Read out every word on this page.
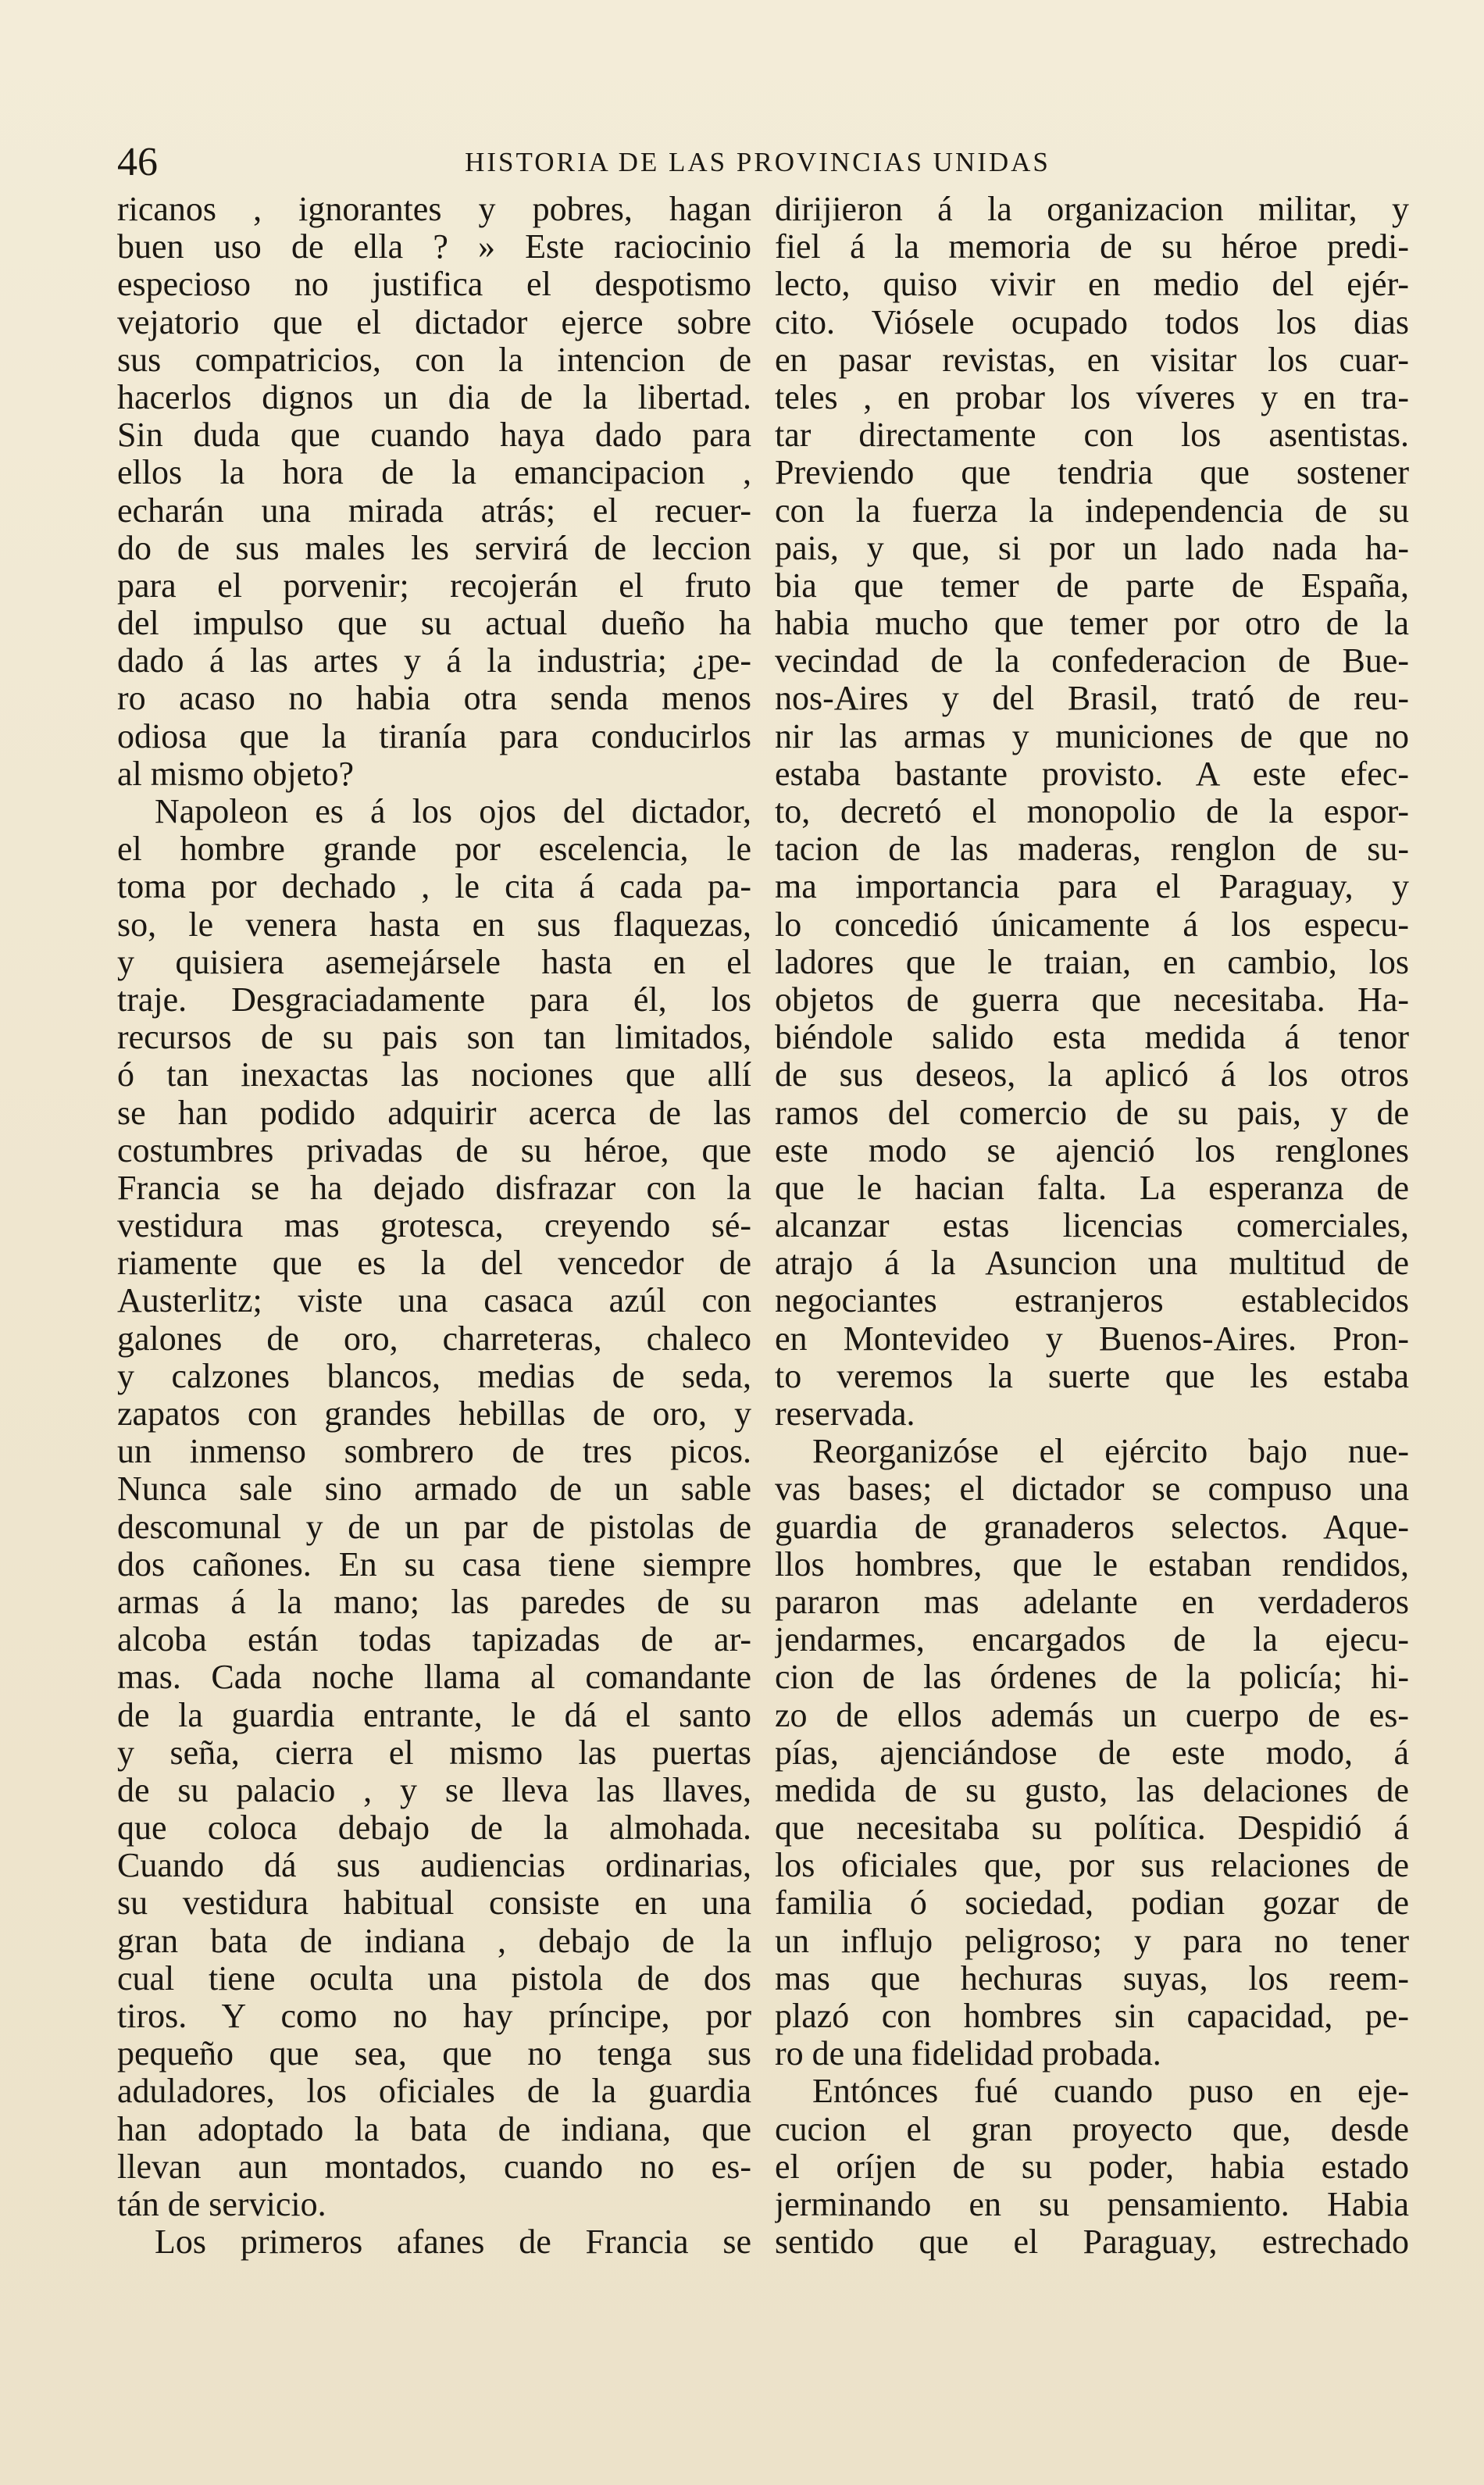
46	HISTORIA DE LAS PROVINCIAS UNIDAS
ricanos , ignorantes y pobres, hagan
buen uso de ella ? » Este raciocinio
especioso no justifica el despotismo
vejatorio que el dictador ejerce sobre
sus compatricios, con la intencion de
hacerlos dignos un dia de la libertad.
Sin duda que cuando haya dado para
ellos la hora de la emancipacion ,
echarán una mirada atrás; el recuer-
do de sus males les servirá de leccion
para el porvenir; recojerán el fruto
del impulso que su actual dueño ha
dado á las artes y á la industria; ¿pe-
ro acaso no habia otra senda menos
odiosa que la tiranía para conducirlos
al mismo objeto?
Napoleon es á los ojos del dictador,
el hombre grande por escelencia, le
toma por dechado , le cita á cada pa-
so, le venera hasta en sus flaquezas,
y quisiera asemejársele hasta en el
traje. Desgraciadamente para él, los
recursos de su pais son tan limitados,
ó tan inexactas las nociones que allí
se han podido adquirir acerca de las
costumbres privadas de su héroe, que
Francia se ha dejado disfrazar con la
vestidura mas grotesca, creyendo sé-
riamente que es la del vencedor de
Austerlitz; viste una casaca azúl con
galones de oro, charreteras, chaleco
y calzones blancos, medias de seda,
zapatos con grandes hebillas de oro, y
un inmenso sombrero de tres picos.
Nunca sale sino armado de un sable
descomunal y de un par de pistolas de
dos cañones. En su casa tiene siempre
armas á la mano; las paredes de su
alcoba están todas tapizadas de ar-
mas. Cada noche llama al comandante
de la guardia entrante, le dá el santo
y seña, cierra el mismo las puertas
de su palacio , y se lleva las llaves,
que coloca debajo de la almohada.
Cuando dá sus audiencias ordinarias,
su vestidura habitual consiste en una
gran bata de indiana , debajo de la
cual tiene oculta una pistola de dos
tiros. Y como no hay príncipe, por
pequeño que sea, que no tenga sus
aduladores, los oficiales de la guardia
han adoptado la bata de indiana, que
llevan aun montados, cuando no es-
tán de servicio.
Los primeros afanes de Francia se
dirijieron á la organizacion militar, y
fiel á la memoria de su héroe predi-
lecto, quiso vivir en medio del ejér-
cito. Viósele ocupado todos los dias
en pasar revistas, en visitar los cuar-
teles , en probar los víveres y en tra-
tar directamente con los asentistas.
Previendo que tendria que sostener
con la fuerza la independencia de su
pais, y que, si por un lado nada ha-
bia que temer de parte de España,
habia mucho que temer por otro de la
vecindad de la confederacion de Bue-
nos-Aires y del Brasil, trató de reu-
nir las armas y municiones de que no
estaba bastante provisto. A este efec-
to, decretó el monopolio de la espor-
tacion de las maderas, renglon de su-
ma importancia para el Paraguay, y
lo concedió únicamente á los especu-
ladores que le traian, en cambio, los
objetos de guerra que necesitaba. Ha-
biéndole salido esta medida á tenor
de sus deseos, la aplicó á los otros
ramos del comercio de su pais, y de
este modo se ajenció los renglones
que le hacian falta. La esperanza de
alcanzar estas licencias comerciales,
atrajo á la Asuncion una multitud de
negociantes estranjeros establecidos
en Montevideo y Buenos-Aires. Pron-
to veremos la suerte que les estaba
reservada.
Reorganizóse el ejército bajo nue-
vas bases; el dictador se compuso una
guardia de granaderos selectos. Aque-
llos hombres, que le estaban rendidos,
pararon mas adelante en verdaderos
jendarmes, encargados de la ejecu-
cion de las órdenes de la policía; hi-
zo de ellos además un cuerpo de es-
pías, ajenciándose de este modo, á
medida de su gusto, las delaciones de
que necesitaba su política. Despidió á
los oficiales que, por sus relaciones de
familia ó sociedad, podian gozar de
un influjo peligroso; y para no tener
mas que hechuras suyas, los reem-
plazó con hombres sin capacidad, pe-
ro de una fidelidad probada.
Entónces fué cuando puso en eje-
cucion el gran proyecto que, desde
el oríjen de su poder, habia estado
jerminando en su pensamiento. Habia
sentido que el Paraguay, estrechado
